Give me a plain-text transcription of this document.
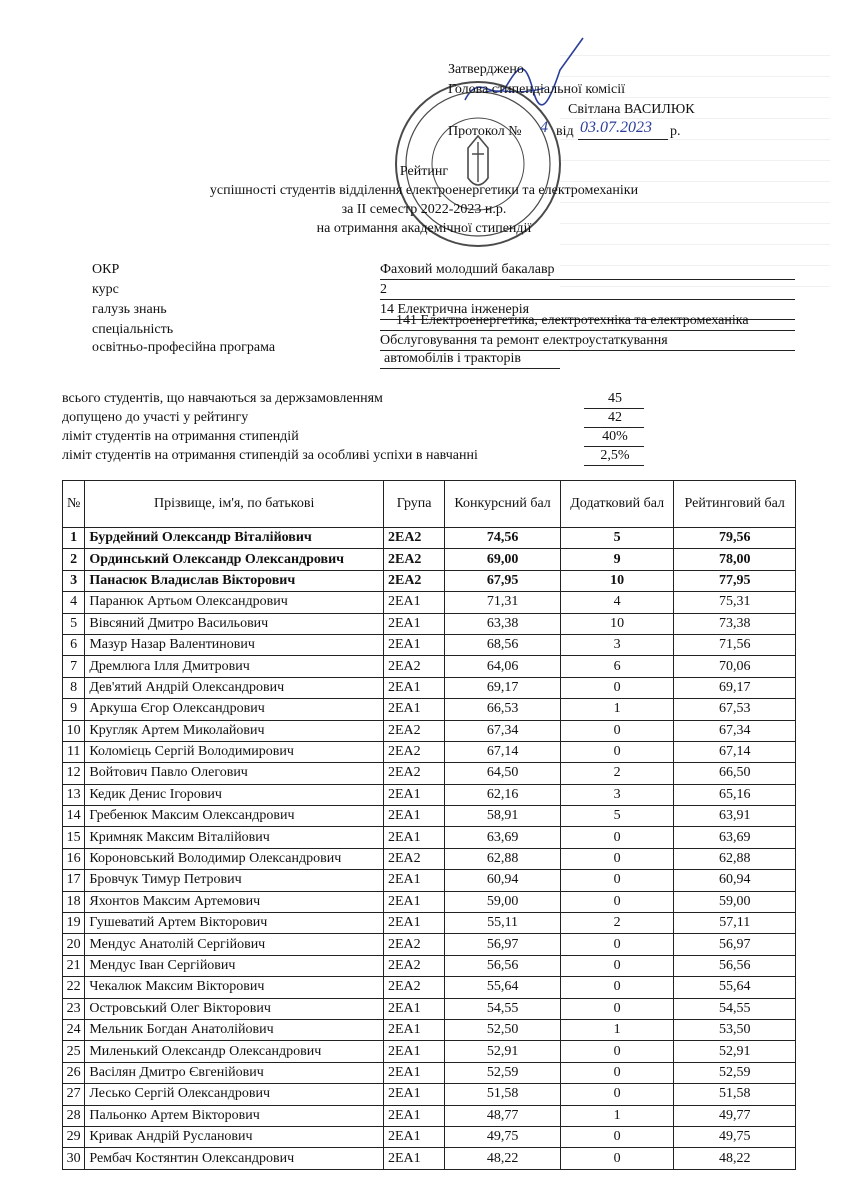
Затверджено
Голова стипендіальної комісії
Світлана ВАСИЛЮК
Протокол № 4 від 03.07.2023 р.
Рейтинг
успішності студентів відділення електроенергетики та електромеханіки
за ІІ семестр 2022-2023 н.р.
на отримання академічної стипендії
ОКР	Фаховий молодший бакалавр
курс	2
галузь знань	14 Електрична інженерія
спеціальність
141 Електроенергетика, електротехніка та електромеханіка
освітньо-професійна програма	Обслуговування та ремонт електроустаткування
автомобілів і тракторів
всього студентів, що навчаються за держзамовленням	45
допущено до участі у рейтингу	42
ліміт студентів на отримання стипендій	40%
ліміт студентів на отримання стипендій за особливі успіхи в навчанні	2,5%
№	Прізвище, ім'я, по батькові	Група	Конкурсний бал	Додатковий бал	Рейтинговий бал
1	Бурдейний Олександр Віталійович	2ЕА2	74,56	5	79,56
2	Ординський Олександр Олександрович	2ЕА2	69,00	9	78,00
3	Панасюк Владислав Вікторович	2ЕА2	67,95	10	77,95
4	Паранюк Артьом Олександрович	2ЕА1	71,31	4	75,31
5	Вівсяний Дмитро Васильович	2ЕА1	63,38	10	73,38
6	Мазур Назар Валентинович	2ЕА1	68,56	3	71,56
7	Дремлюга Ілля Дмитрович	2ЕА2	64,06	6	70,06
8	Дев'ятий Андрій Олександрович	2ЕА1	69,17	0	69,17
9	Аркуша Єгор Олександрович	2ЕА1	66,53	1	67,53
10	Кругляк Артем Миколайович	2ЕА2	67,34	0	67,34
11	Коломієць Сергій Володимирович	2ЕА2	67,14	0	67,14
12	Войтович Павло Олегович	2ЕА2	64,50	2	66,50
13	Кедик Денис Ігорович	2ЕА1	62,16	3	65,16
14	Гребенюк Максим Олександрович	2ЕА1	58,91	5	63,91
15	Кримняк Максим Віталійович	2ЕА1	63,69	0	63,69
16	Короновський Володимир Олександрович	2ЕА2	62,88	0	62,88
17	Бровчук Тимур Петрович	2ЕА1	60,94	0	60,94
18	Яхонтов Максим Артемович	2ЕА1	59,00	0	59,00
19	Гушеватий Артем Вікторович	2ЕА1	55,11	2	57,11
20	Мендус Анатолій Сергійович	2ЕА2	56,97	0	56,97
21	Мендус Іван Сергійович	2ЕА2	56,56	0	56,56
22	Чекалюк Максим Вікторович	2ЕА2	55,64	0	55,64
23	Островський Олег Вікторович	2ЕА1	54,55	0	54,55
24	Мельник Богдан Анатолійович	2ЕА1	52,50	1	53,50
25	Миленький Олександр Олександрович	2ЕА1	52,91	0	52,91
26	Васілян Дмитро Євгенійович	2ЕА1	52,59	0	52,59
27	Лесько Сергій Олександрович	2ЕА1	51,58	0	51,58
28	Пальонко Артем Вікторович	2ЕА1	48,77	1	49,77
29	Кривак Андрій Русланович	2ЕА1	49,75	0	49,75
30	Рембач Костянтин Олександрович	2ЕА1	48,22	0	48,22
